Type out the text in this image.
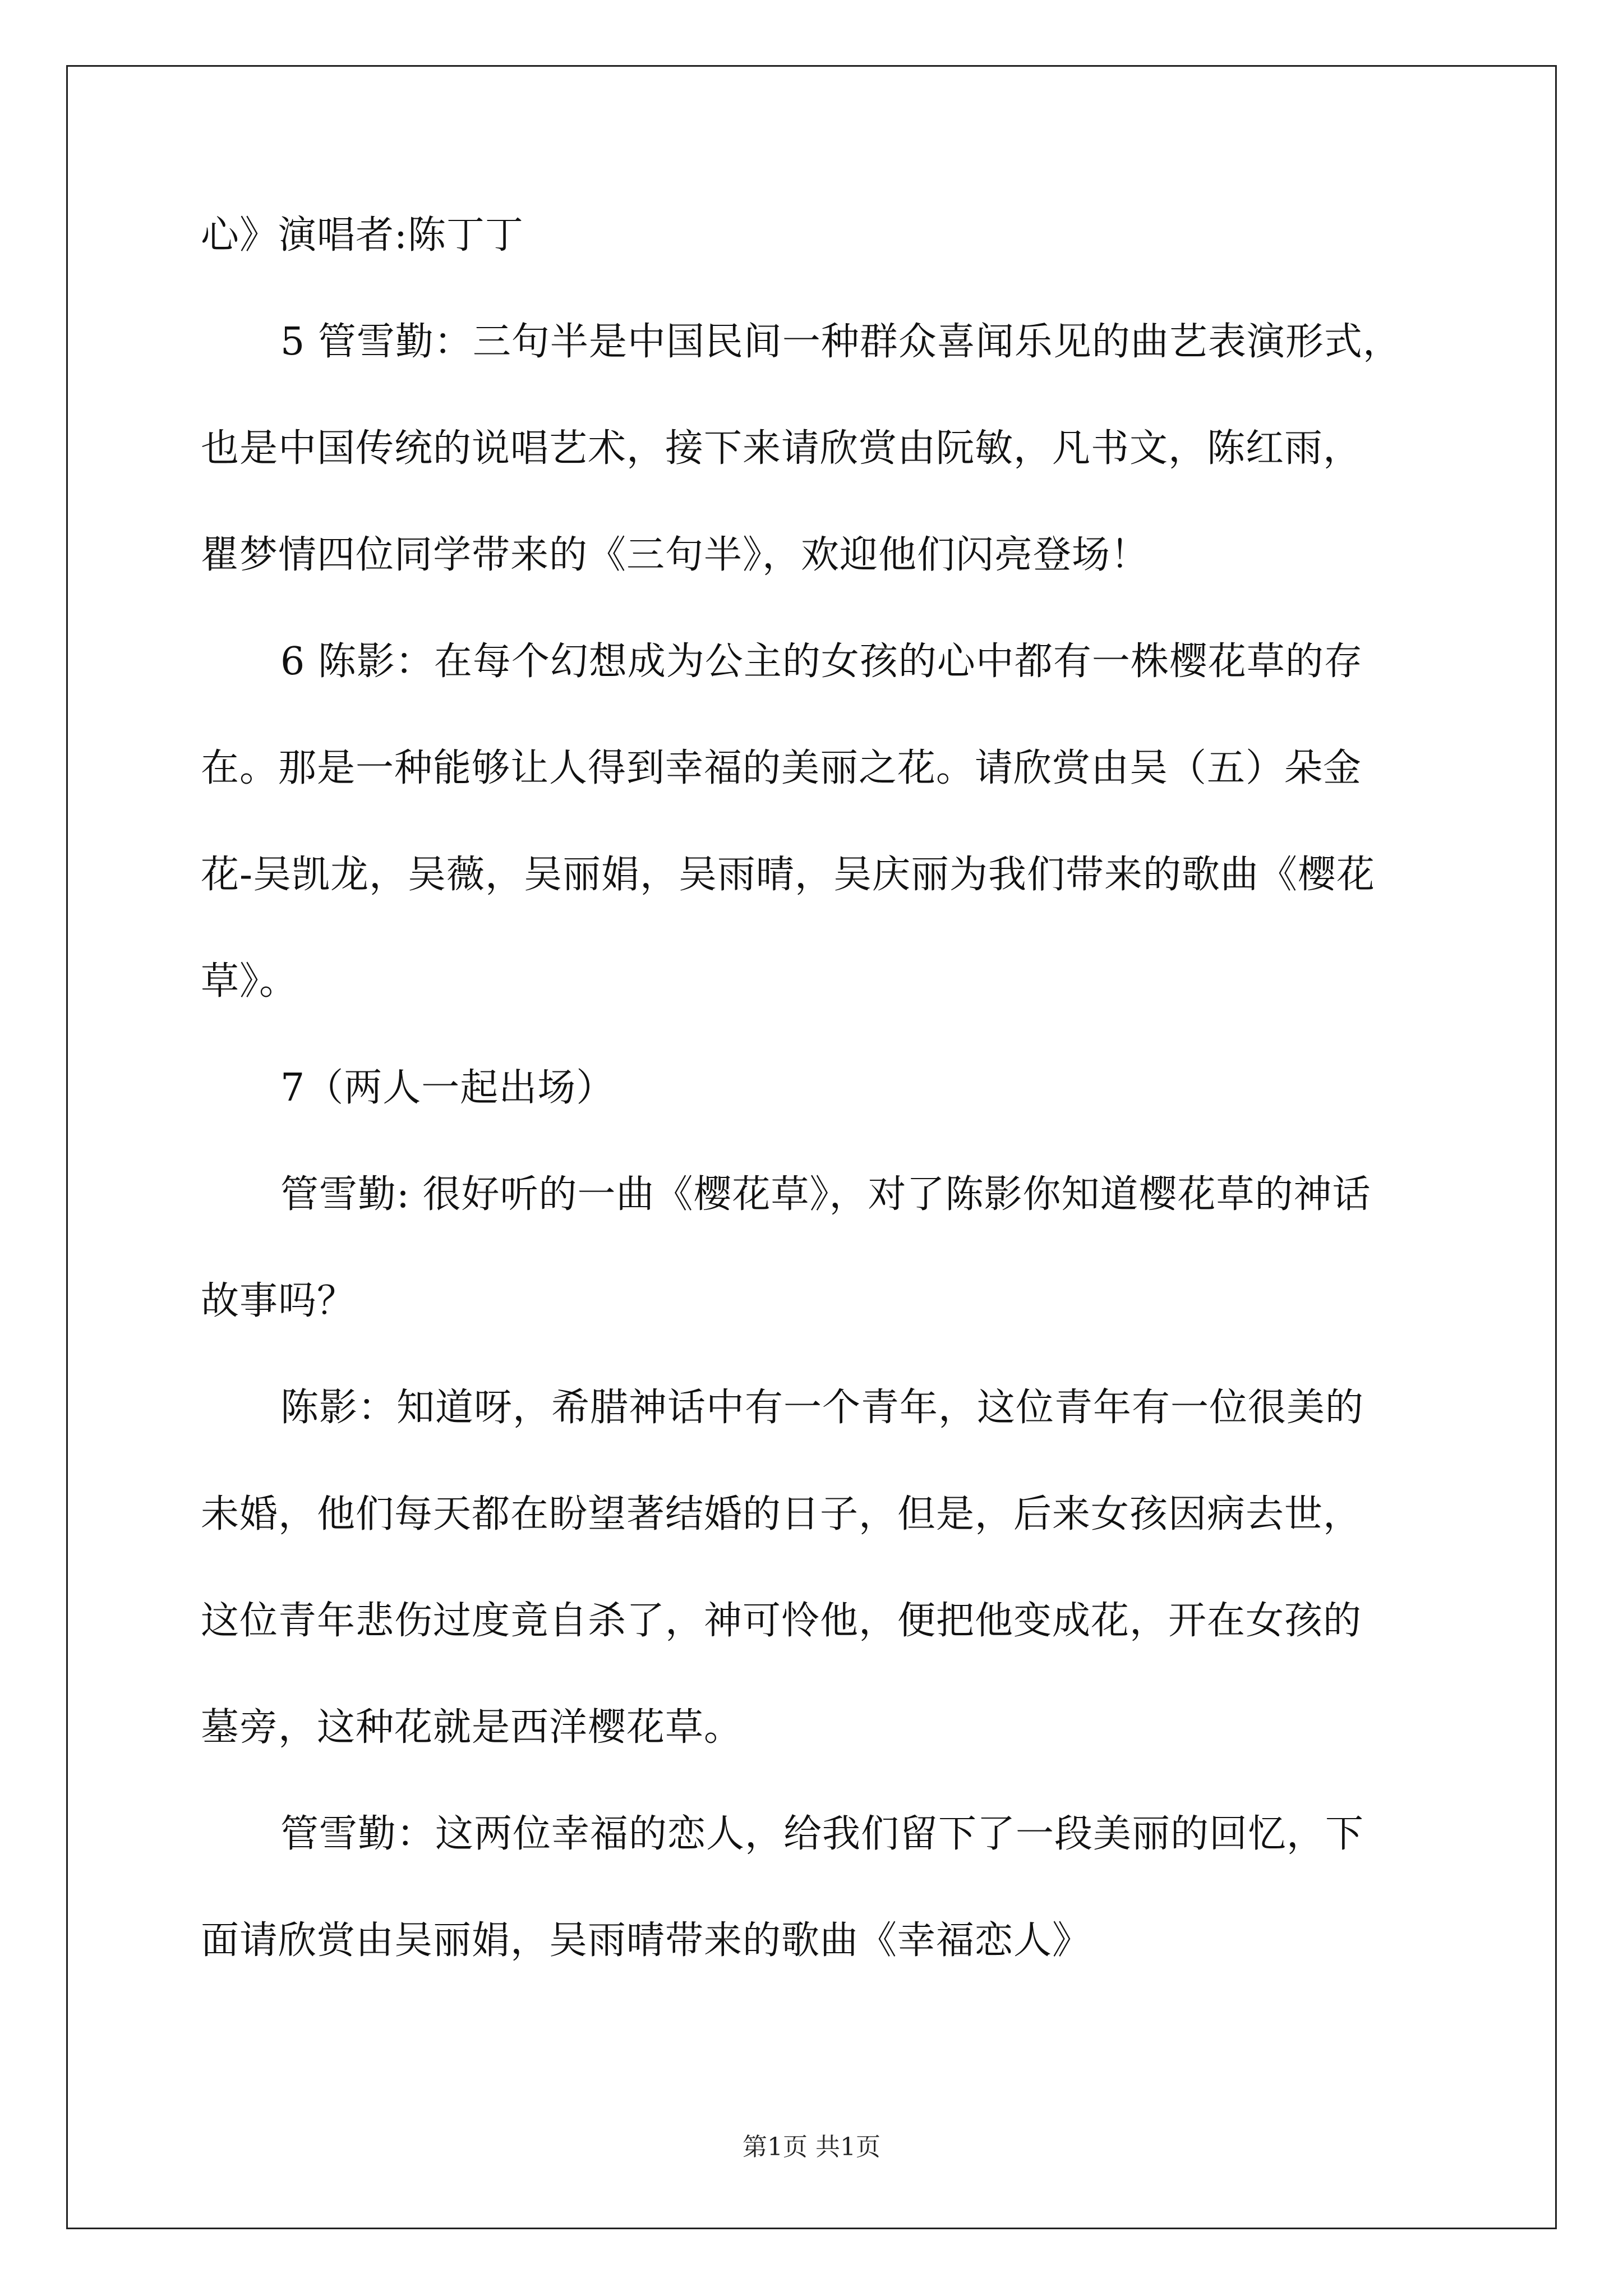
心》演唱者:陈丁丁
5 管雪勤：三句半是中国民间一种群众喜闻乐见的曲艺表演形式，
也是中国传统的说唱艺术，接下来请欣赏由阮敏，凡书文，陈红雨，
瞿梦情四位同学带来的《三句半》，欢迎他们闪亮登场！
6 陈影：在每个幻想成为公主的女孩的心中都有一株樱花草的存
在。那是一种能够让人得到幸福的美丽之花。请欣赏由吴（五）朵金
花-吴凯龙，吴薇，吴丽娟，吴雨晴，吴庆丽为我们带来的歌曲《樱花
草》。
7（两人一起出场）
管雪勤: 很好听的一曲《樱花草》，对了陈影你知道樱花草的神话
故事吗？
陈影：知道呀，希腊神话中有一个青年，这位青年有一位很美的
未婚，他们每天都在盼望著结婚的日子，但是，后来女孩因病去世，
这位青年悲伤过度竟自杀了，神可怜他，便把他变成花，开在女孩的
墓旁，这种花就是西洋樱花草。
管雪勤：这两位幸福的恋人，给我们留下了一段美丽的回忆，下
面请欣赏由吴丽娟，吴雨晴带来的歌曲《幸福恋人》
第1页 共1页
